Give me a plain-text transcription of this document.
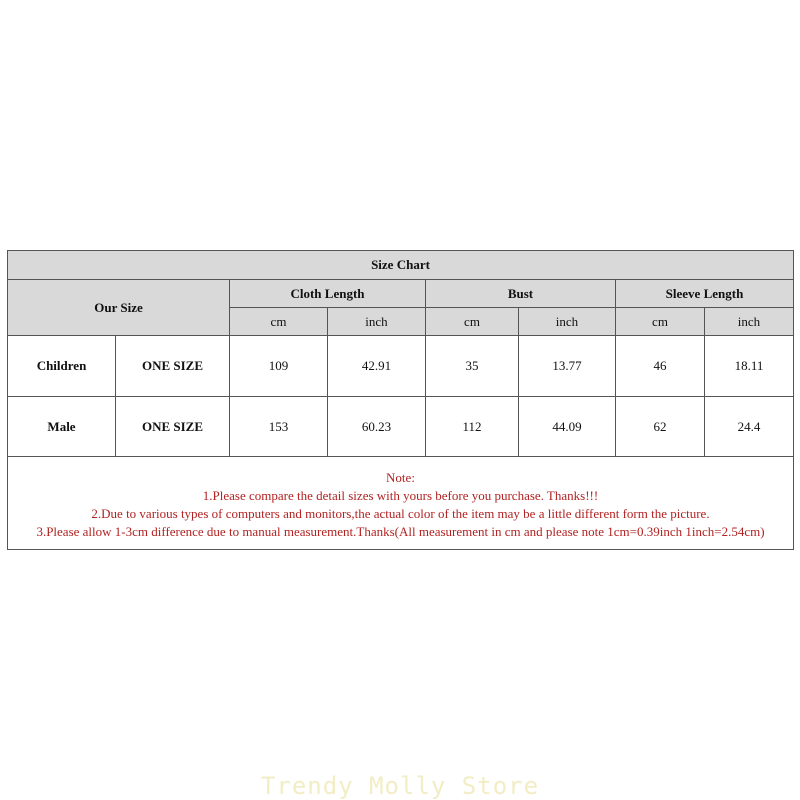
Size Chart
Our Size
Cloth Length	Bust	Sleeve Length
cm	inch	cm	inch	cm	inch
Children	ONE SIZE	109	42.91	35	13.77	46	18.11
Male	ONE SIZE	153	60.23	112	44.09	62	24.4
Note:
1.Please compare the detail sizes with yours before you purchase. Thanks!!!
2.Due to various types of computers and monitors,the actual color of the item may be a little different form the picture.
3.Please allow 1-3cm difference due to manual measurement.Thanks(All measurement in cm and please note 1cm=0.39inch 1inch=2.54cm)
Trendy Molly Store
